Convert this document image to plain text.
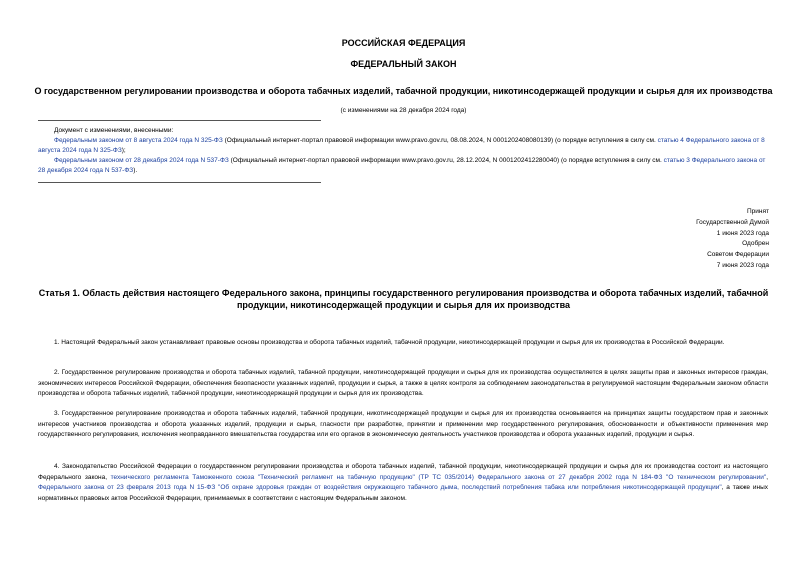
РОССИЙСКАЯ ФЕДЕРАЦИЯ
ФЕДЕРАЛЬНЫЙ ЗАКОН
О государственном регулировании производства и оборота табачных изделий, табачной продукции, никотинсодержащей продукции и сырья для их производства
(с изменениями на 28 декабря 2024 года)

Документ с изменениями, внесенными:

Федеральным законом от 8 августа 2024 года N 325-ФЗ (Официальный интернет-портал правовой информации www.pravo.gov.ru, 08.08.2024, N 0001202408080139) (о порядке вступления в силу см. статью 4 Федерального закона от 8 августа 2024 года N 325-ФЗ);

Федеральным законом от 28 декабря 2024 года N 537-ФЗ (Официальный интернет-портал правовой информации www.pravo.gov.ru, 28.12.2024, N 0001202412280040) (о порядке вступления в силу см. статью 3 Федерального закона от 28 декабря 2024 года N 537-ФЗ).

Принят
Государственной Думой
1 июня 2023 года
Одобрен
Советом Федерации
7 июня 2023 года
Статья 1. Область действия настоящего Федерального закона, принципы государственного регулирования производства и оборота табачных изделий, табачной продукции, никотинсодержащей продукции и сырья для их производства

1. Настоящий Федеральный закон устанавливает правовые основы производства и оборота табачных изделий, табачной продукции, никотинсодержащей продукции и сырья для их производства в Российской Федерации.

2. Государственное регулирование производства и оборота табачных изделий, табачной продукции, никотинсодержащей продукции и сырья для их производства осуществляется в целях защиты прав и законных интересов граждан, экономических интересов Российской Федерации, обеспечения безопасности указанных изделий, продукции и сырья, а также в целях контроля за соблюдением законодательства в регулируемой настоящим Федеральным законом области производства и оборота табачных изделий, табачной продукции, никотинсодержащей продукции и сырья для их производства.

3. Государственное регулирование производства и оборота табачных изделий, табачной продукции, никотинсодержащей продукции и сырья для их производства основывается на принципах защиты государством прав и законных интересов участников производства и оборота указанных изделий, продукции и сырья, гласности при разработке, принятии и применении мер государственного регулирования, обоснованности и объективности применения мер государственного регулирования, исключения неоправданного вмешательства государства или его органов в экономическую деятельность участников производства и оборота указанных изделий, продукции и сырья.

4. Законодательство Российской Федерации о государственном регулировании производства и оборота табачных изделий, табачной продукции, никотинсодержащей продукции и сырья для их производства состоит из настоящего Федерального закона, технического регламента Таможенного союза "Технический регламент на табачную продукцию" (ТР ТС 035/2014) Федерального закона от 27 декабря 2002 года N 184-ФЗ "О техническом регулировании", Федерального закона от 23 февраля 2013 года N 15-ФЗ "Об охране здоровья граждан от воздействия окружающего табачного дыма, последствий потребления табака или потребления никотинсодержащей продукции", а также иных нормативных правовых актов Российской Федерации, принимаемых в соответствии с настоящим Федеральным законом.
